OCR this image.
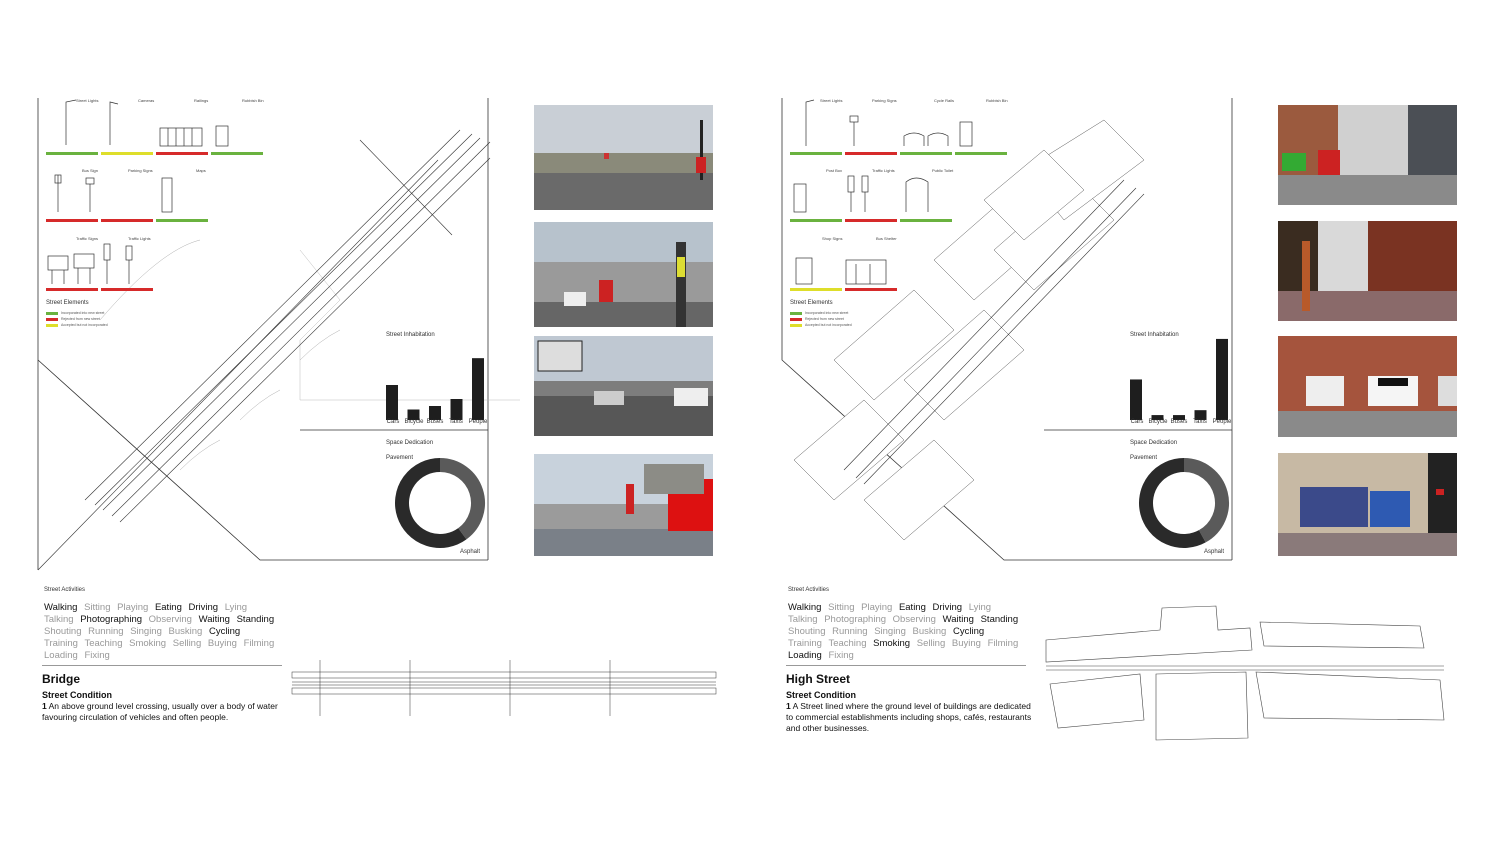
Street Lights	Cameras	Railings	Rubbish Bin
Bus Sign	Parking Signs	Maps
Traffic Signs	Traffic Lights
Street Elements
Incorporated into new street
Rejected from new street
Accepted but not incorporated
Street Inhabitation
Cars Bicycle Buses Taxis People
Space Dedication
Pavement
Asphalt
Street Activities
Walking Sitting Playing Eating Driving Lying Talking Photographing Observing Waiting Standing Shouting Running Singing Busking Cycling Training Teaching Smoking Selling Buying Filming Loading Fixing
Bridge
Street Condition
1 An above ground level crossing, usually over a body of water favouring circulation of vehicles and often people.
Street Lights	Parking Signs	Cycle Rails	Rubbish Bin
Post Box	Traffic Lights	Public Toilet
Shop Signs	Bus Shelter
Street Elements
Incorporated into new street
Rejected from new street
Accepted but not incorporated
Street Inhabitation
Cars Bicycle Buses Taxis People
Space Dedication
Pavement
Asphalt
Street Activities
Walking Sitting Playing Eating Driving Lying Talking Photographing Observing Waiting Standing Shouting Running Singing Busking Cycling Training Teaching Smoking Selling Buying Filming Loading Fixing
High Street
Street Condition
1 A Street lined where the ground level of buildings are dedicated to commercial establishments including shops, cafés, restaurants and other businesses.
